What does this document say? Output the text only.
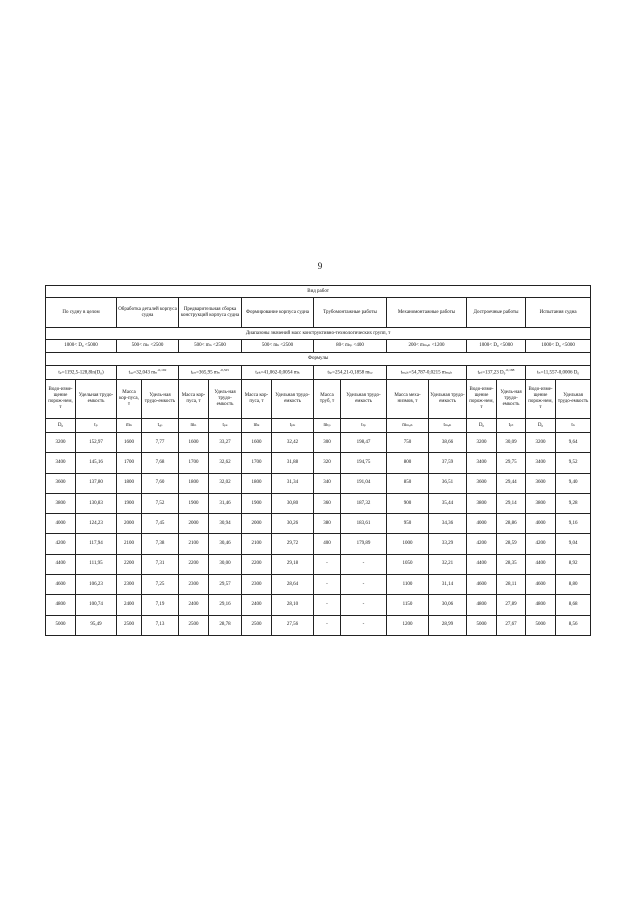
9
Вид работ															
По судну в целом		Обработка деталей корпуса судна		Предварительная сборка конструкций корпуса судна		Формирование корпуса судна		Трубомонтажные работы		Механомонтажные работы		Достроечные работы		Испытания судна	
Диапазоны значений масс конструктивно-технологических групп, т															
1000< D₀ <5000		500< mₙ <2500		500< mₙ <2500		500< mₖ <2500		80< mₜₚ <400		200< mₘₑₕ <1200		1000< D₀ <5000		1000< D₀ <5000	
Формулы															
tₚ=1192,5-128,8ln(D₀)		tₒₚ=32,043 mₙ$^{-0,192}$		tₚₛ=365,95 mₙ$^{-0,325}$		tₚₖ=41,062-0,0054 mₖ		tₜₚ=254,21-0,1858 mₜₚ		tₘₑₕ=54,787-0,0215 mₘₑₕ		tₚₜ=137,23 D₀$^{-0,188}$		tₙ=11,557-0,0006 D₀	
Водо-изме-щение порож-нем, т	Удельная трудо-емкость	Масса кор-пуса, т	Удель-ная трудо-емкость	Масса кор-пуса, т	Удель-ная трудо-емкость	Масса кор-пуса, т	Удельная трудо-емкость	Масса труб, т	Удельная трудо-емкость	Масса меха-низмов, т	Удельная трудо-емкость	Водо-изме-щение порож-нем, т	Удель-ная трудо-емкость	Водо-изме-щение порож-нем, т	Удельная трудо-емкость
D₀	tₚ	mₙ	tₒₚ	mₙ	tₚₛ	mₖ	tₚₖ	mₜₚ	tₜₚ	mₘₑₕ	tₘₑₕ	D₀	tₚₜ	D₀	tₙ
3200	152,97	1600	7,77	1600	33,27	1600	32,42	300	198,47	750	38,66	3200	30,09	3200	9,64
3400	145,16	1700	7,68	1700	32,62	1700	31,88	320	194,75	800	37,59	3400	29,75	3400	9,52
3600	137,80	1800	7,60	1800	32,02	1800	31,34	340	191,04	850	36,51	3600	29,44	3600	9,40
3800	130,83	1900	7,52	1900	31,46	1900	30,80	360	187,32	900	35,44	3800	29,14	3800	9,28
4000	124,23	2000	7,45	2000	30,94	2000	30,26	380	183,61	950	34,36	4000	28,86	4000	9,16
4200	117,94	2100	7,38	2100	30,46	2100	29,72	400	179,89	1000	33,29	4200	28,59	4200	9,04
4400	111,95	2200	7,31	2200	30,00	2200	29,18	-	-	1050	32,21	4400	28,35	4400	8,92
4600	106,23	2300	7,25	2300	29,57	2300	28,64	-	-	1100	31,14	4600	28,11	4600	8,80
4800	100,74	2400	7,19	2400	29,16	2400	28,10	-	-	1150	30,06	4800	27,89	4800	8,68
5000	95,49	2500	7,13	2500	28,78	2500	27,56	-	-	1200	28,99	5000	27,67	5000	8,56
